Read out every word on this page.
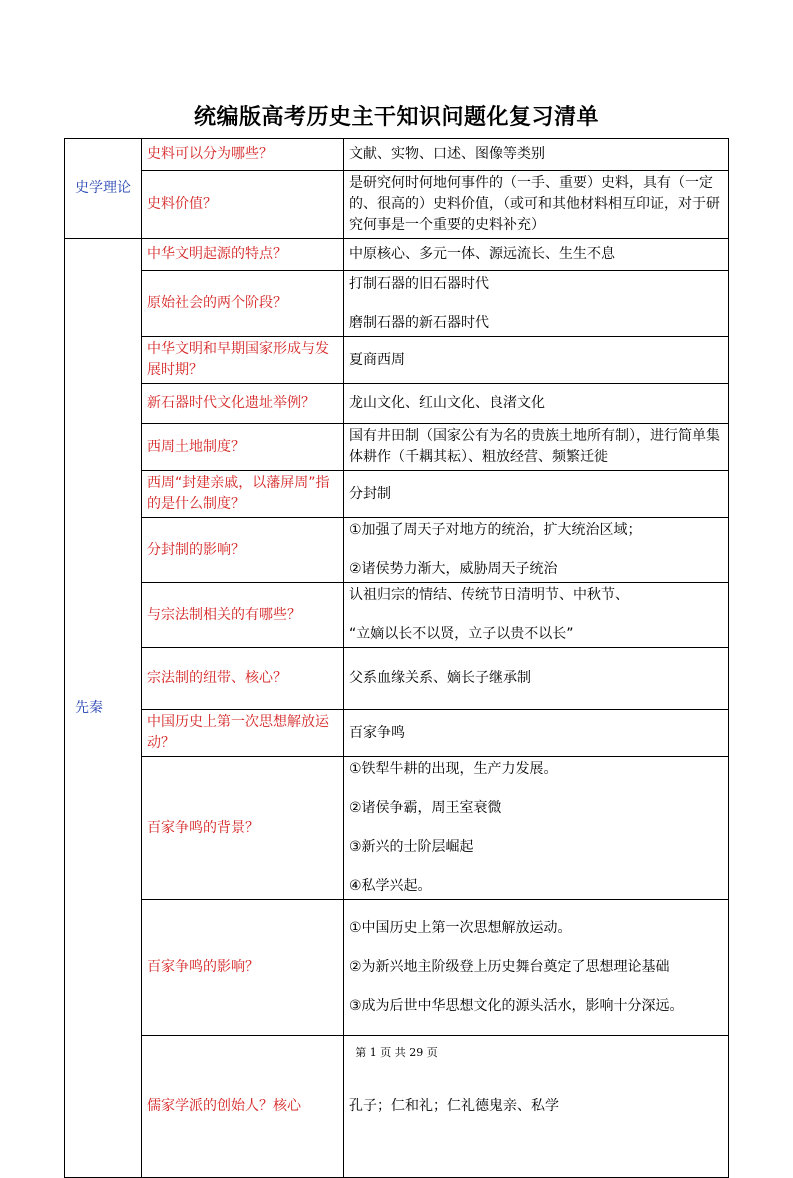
统编版高考历史主干知识问题化复习清单
史学理论	史料可以分为哪些？	文献、实物、口述、图像等类别

	史料价值？	是研究何时何地何事件的（一手、重要）史料，具有（一定的、很高的）史料价值，（或可和其他材料相互印证，对于研究何事是一个重要的史料补充）

先秦	中华文明起源的特点？	中原核心、多元一体、源远流长、生生不息

	原始社会的两个阶段？	打制石器的旧石器时代

磨制石器的新石器时代

	中华文明和早期国家形成与发展时期？	夏商西周

	新石器时代文化遗址举例？	龙山文化、红山文化、良渚文化

	西周土地制度？	国有井田制（国家公有为名的贵族土地所有制），进行简单集体耕作（千耦其耘）、粗放经营、频繁迁徙

	西周“封建亲戚，以藩屏周”指的是什么制度？	分封制

	分封制的影响？	①加强了周天子对地方的统治，扩大统治区域；

②诸侯势力渐大，威胁周天子统治

	与宗法制相关的有哪些？	认祖归宗的情结、传统节日清明节、中秋节、

“立嫡以长不以贤，立子以贵不以长”

	宗法制的纽带、核心？	父系血缘关系、嫡长子继承制

	中国历史上第一次思想解放运动？	百家争鸣

	百家争鸣的背景？	①铁犁牛耕的出现，生产力发展。

②诸侯争霸，周王室衰微

③新兴的士阶层崛起

④私学兴起。

	百家争鸣的影响？	①中国历史上第一次思想解放运动。

②为新兴地主阶级登上历史舞台奠定了思想理论基础

③成为后世中华思想文化的源头活水，影响十分深远。

	儒家学派的创始人？核心	孔子；仁和礼；仁礼德鬼亲、私学

第 1 页 共 29 页
